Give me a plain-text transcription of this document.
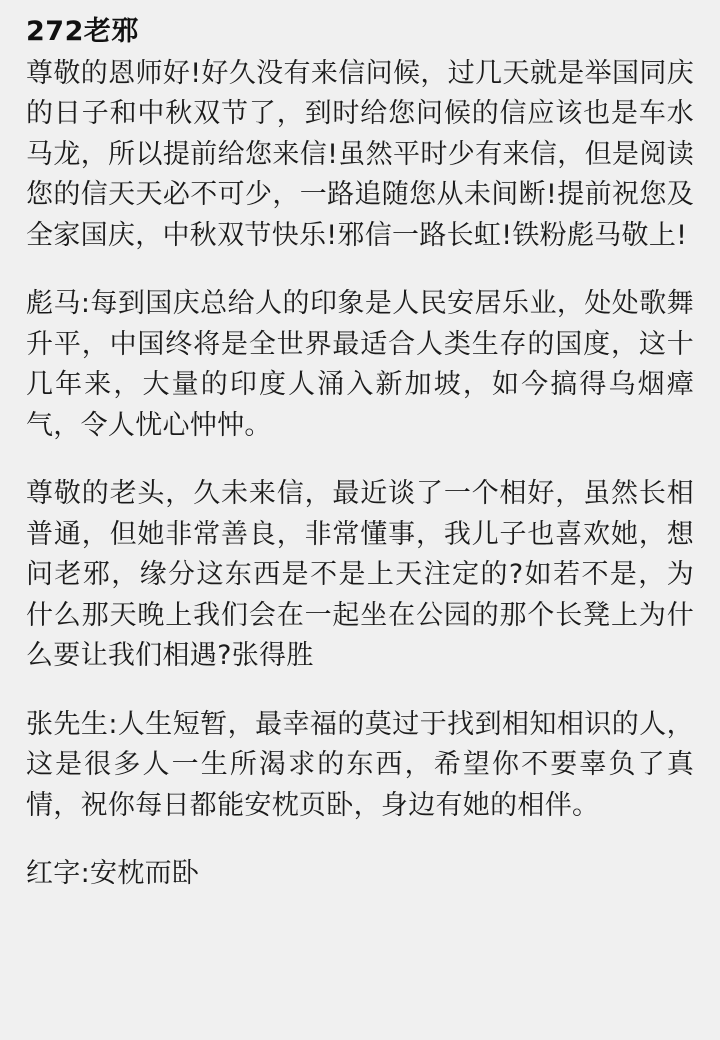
272老邪

尊敬的恩师好!好久没有来信问候，过几天就是举国同庆的日子和中秋双节了，到时给您问候的信应该也是车水马龙，所以提前给您来信!虽然平时少有来信，但是阅读您的信天天必不可少，一路追随您从未间断!提前祝您及全家国庆，中秋双节快乐!邪信一路长虹!铁粉彪马敬上!

彪马:每到国庆总给人的印象是人民安居乐业，处处歌舞升平，中国终将是全世界最适合人类生存的国度，这十几年来，大量的印度人涌入新加坡，如今搞得乌烟瘴气，令人忧心忡忡。

尊敬的老头，久未来信，最近谈了一个相好，虽然长相普通，但她非常善良，非常懂事，我儿子也喜欢她，想问老邪，缘分这东西是不是上天注定的?如若不是，为什么那天晚上我们会在一起坐在公园的那个长凳上为什么要让我们相遇?张得胜

张先生:人生短暂，最幸福的莫过于找到相知相识的人，这是很多人一生所渴求的东西，希望你不要辜负了真情，祝你每日都能安枕页卧，身边有她的相伴。

红字:安枕而卧
